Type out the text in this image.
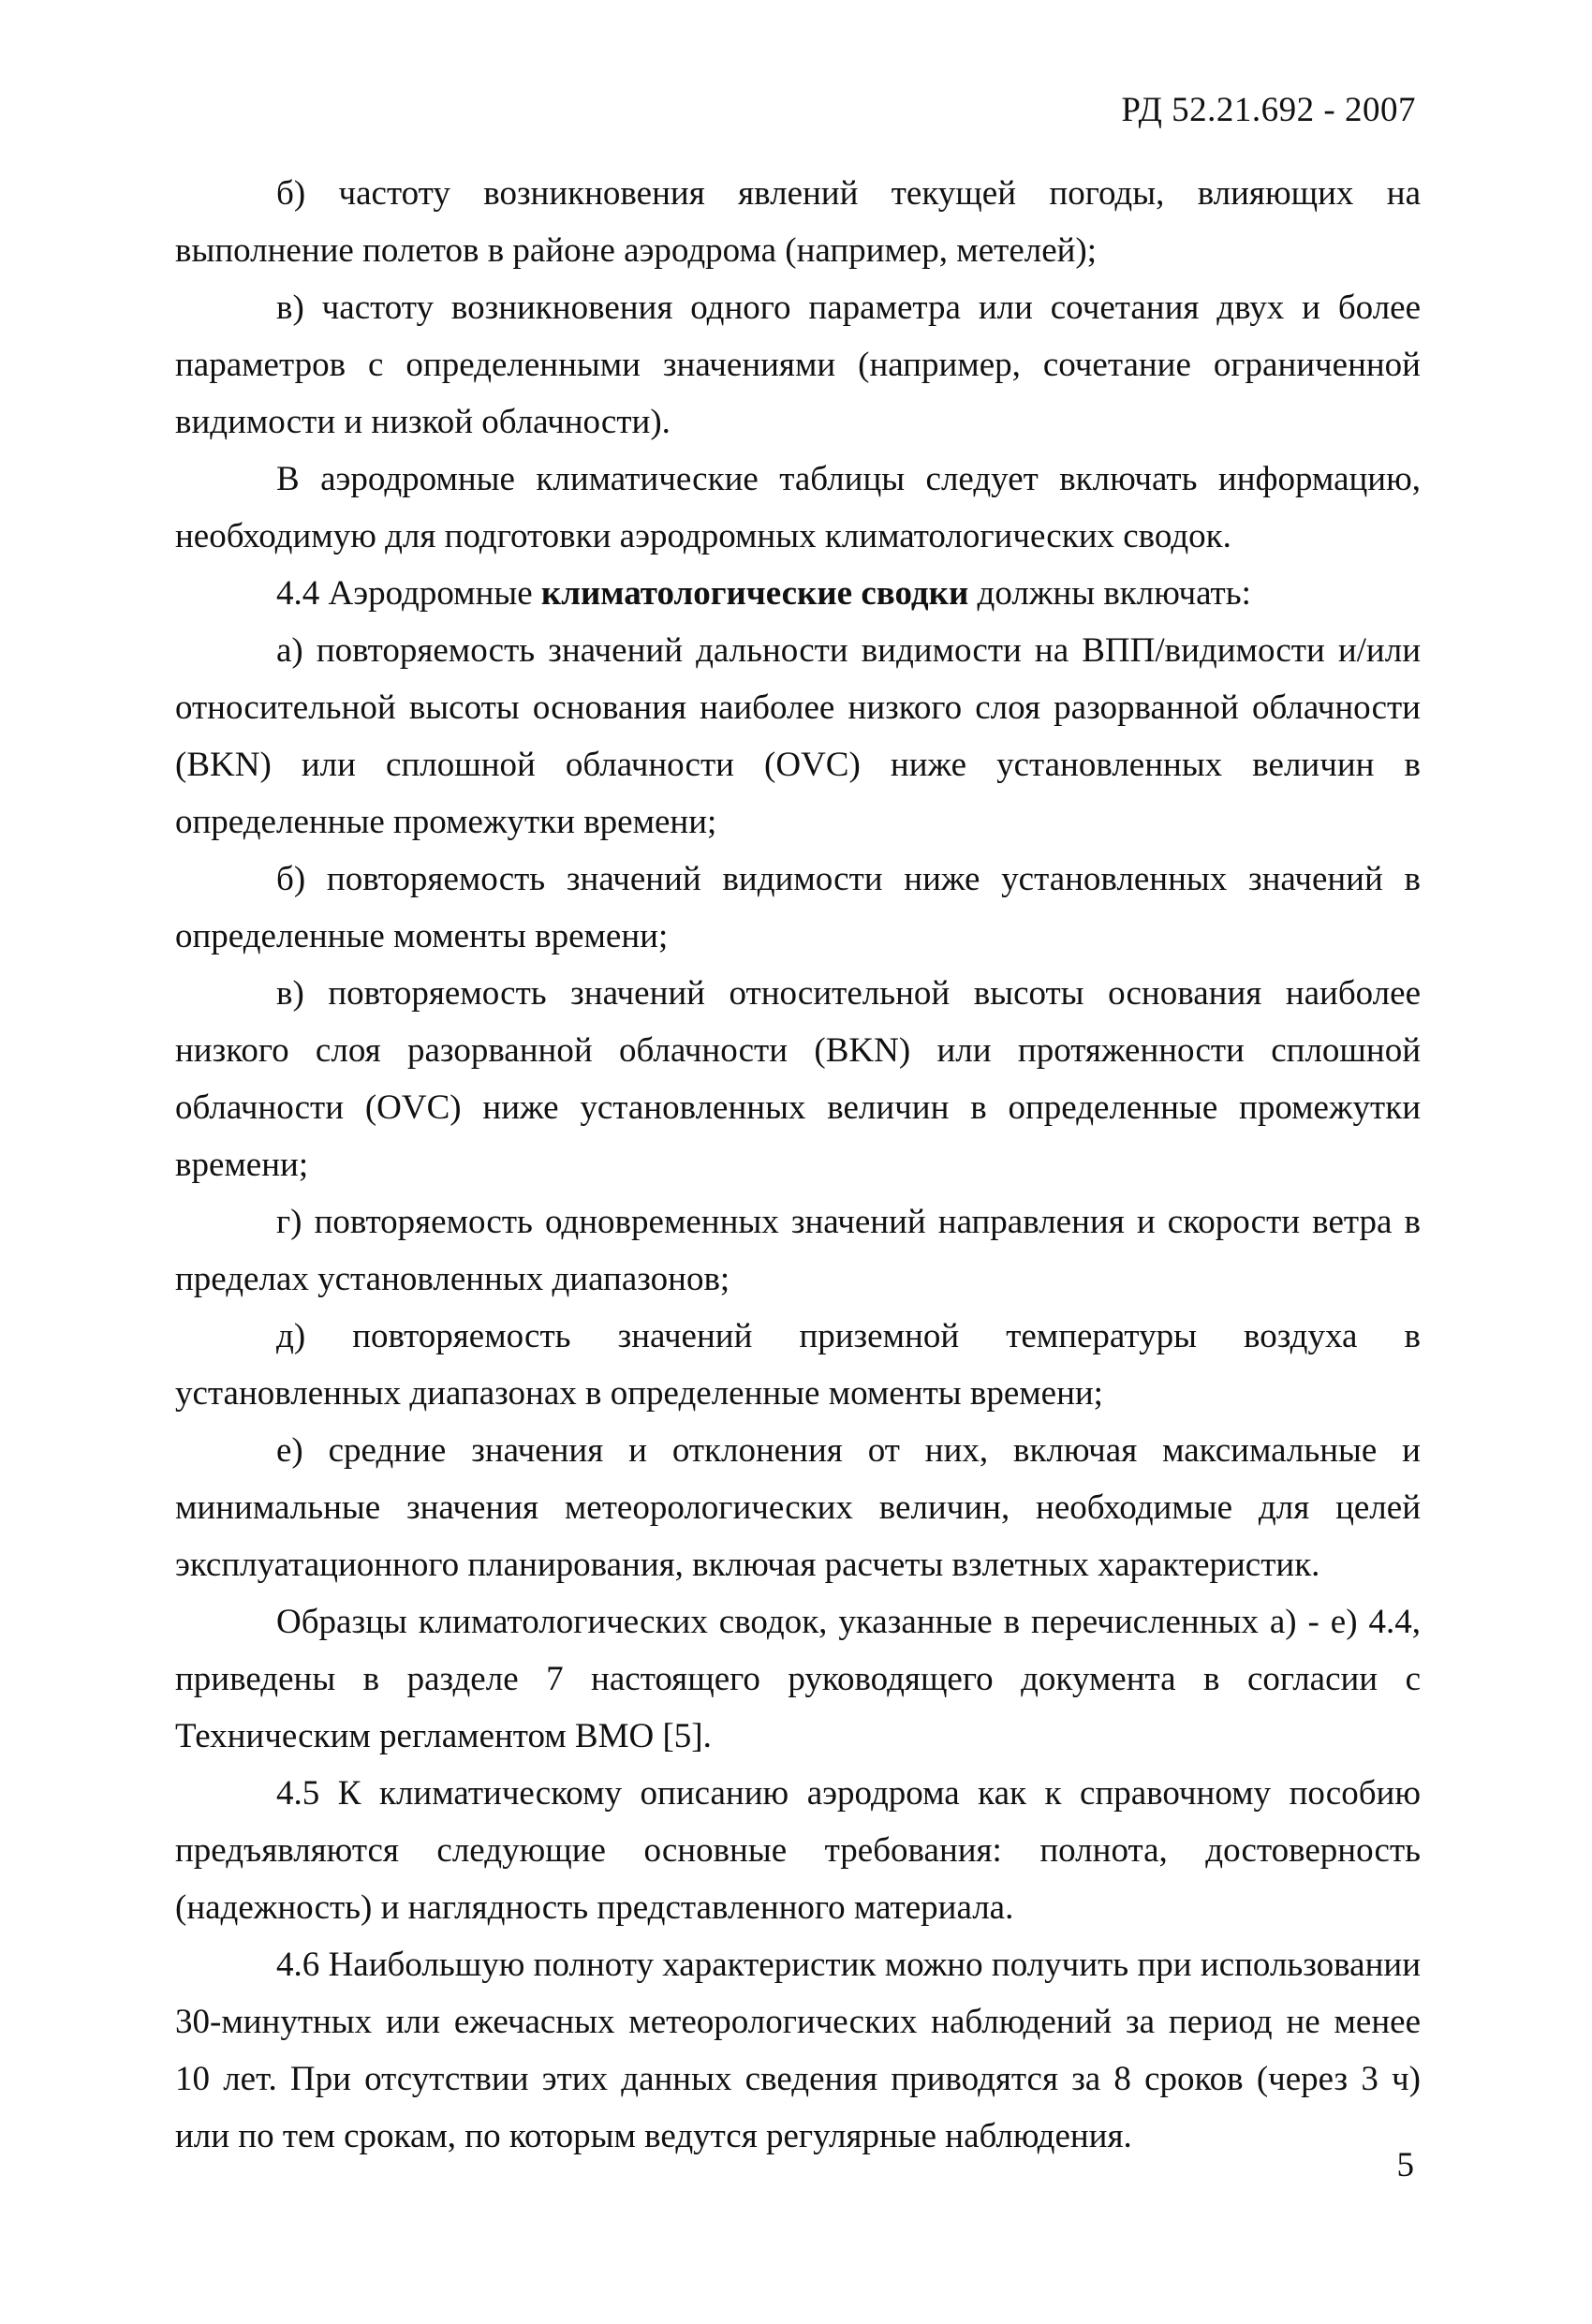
РД 52.21.692 - 2007

б) частоту возникновения явлений текущей погоды, влияющих на выполнение полетов в районе аэродрома (например, метелей);

в) частоту возникновения одного параметра или сочетания двух и более параметров с определенными значениями (например, сочетание ограниченной видимости и низкой облачности).

В аэродромные климатические таблицы следует включать информацию, необходимую для подготовки аэродромных климатологических сводок.

4.4 Аэродромные климатологические сводки должны включать:

а) повторяемость значений дальности видимости на ВПП/видимости и/или относительной высоты основания наиболее низкого слоя разорванной облачности (BKN) или сплошной облачности (OVC) ниже установленных величин в определенные промежутки времени;

б) повторяемость значений видимости ниже установленных значений в определенные моменты времени;

в) повторяемость значений относительной высоты основания наиболее низкого слоя разорванной облачности (BKN) или протяженности сплошной облачности (OVC) ниже установленных величин в определенные промежутки времени;

г) повторяемость одновременных значений направления и скорости ветра в пределах установленных диапазонов;

д) повторяемость значений приземной температуры воздуха в установленных диапазонах в определенные моменты времени;

е) средние значения и отклонения от них, включая максимальные и минимальные значения метеорологических величин, необходимые для целей эксплуатационного планирования, включая расчеты взлетных характеристик.

Образцы климатологических сводок, указанные в перечисленных а) - е) 4.4, приведены в разделе 7 настоящего руководящего документа в согласии с Техническим регламентом ВМО [5].

4.5 К климатическому описанию аэродрома как к справочному пособию предъявляются следующие основные требования: полнота, достоверность (надежность) и наглядность представленного материала.

4.6 Наибольшую полноту характеристик можно получить при использовании 30-минутных или ежечасных метеорологических наблюдений за период не менее 10 лет. При отсутствии этих данных сведения приводятся за 8 сроков (через 3 ч) или по тем срокам, по которым ведутся регулярные наблюдения.

5
